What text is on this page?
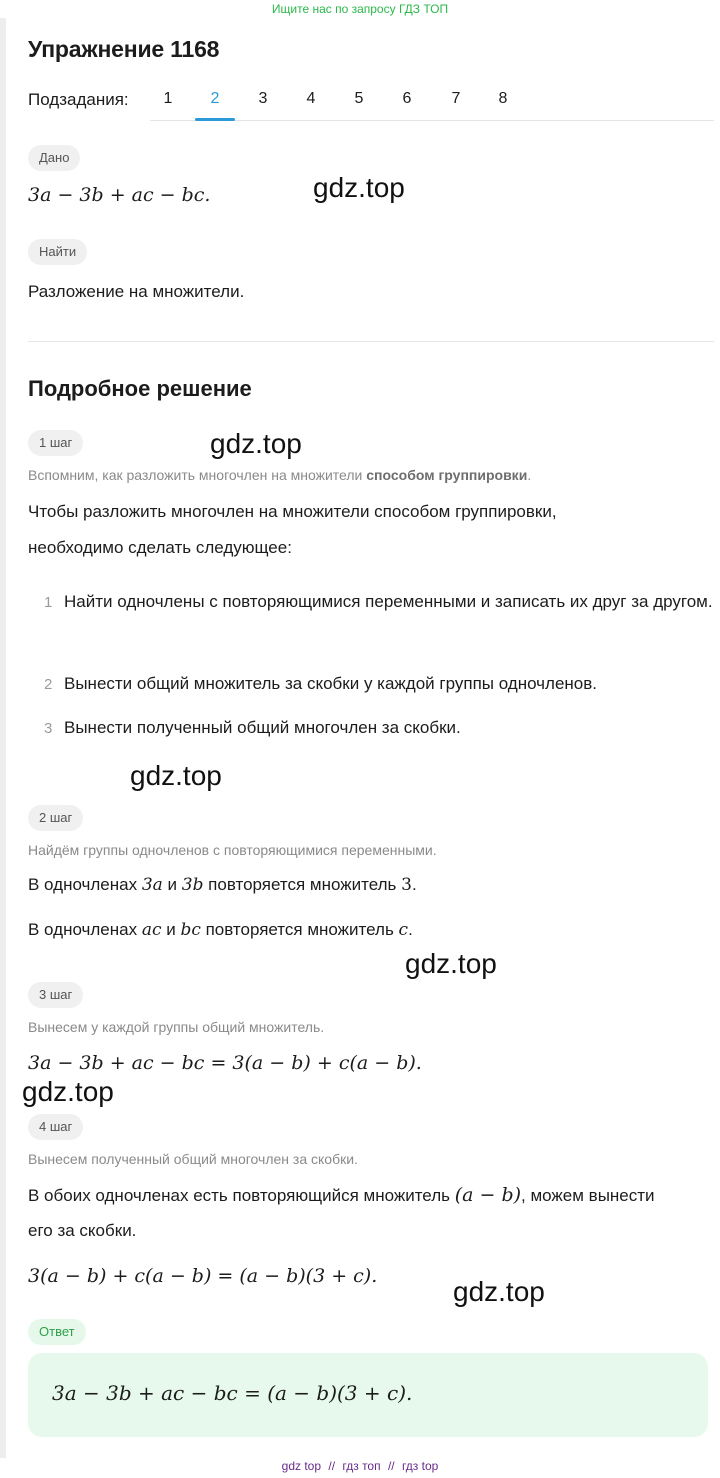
Ищите нас по запросу ГДЗ ТОП
Упражнение 1168
Подзадания:	1	2	3	4	5	6	7	8
Дано
3a − 3b + ac − bc.
Найти
Разложение на множители.
Подробное решение
1 шаг
Вспомним, как разложить многочлен на множители способом группировки.
Чтобы разложить многочлен на множители способом группировки,
необходимо сделать следующее:
1 Найти одночлены с повторяющимися переменными и записать их друг за другом.
2 Вынести общий множитель за скобки у каждой группы одночленов.
3 Вынести полученный общий многочлен за скобки.
2 шаг
Найдём группы одночленов с повторяющимися переменными.
В одночленах 3a и 3b повторяется множитель 3.
В одночленах ac и bc повторяется множитель c.
3 шаг
Вынесем у каждой группы общий множитель.
3a − 3b + ac − bc = 3(a − b) + c(a − b).
4 шаг
Вынесем полученный общий многочлен за скобки.
В обоих одночленах есть повторяющийся множитель (a − b), можем вынести
его за скобки.
3(a − b) + c(a − b) = (a − b)(3 + c).
Ответ
3a − 3b + ac − bc = (a − b)(3 + c).
gdz.top
gdz.top
gdz.top
gdz.top
gdz.top
gdz.top
gdz top // гдз топ // гдз top
